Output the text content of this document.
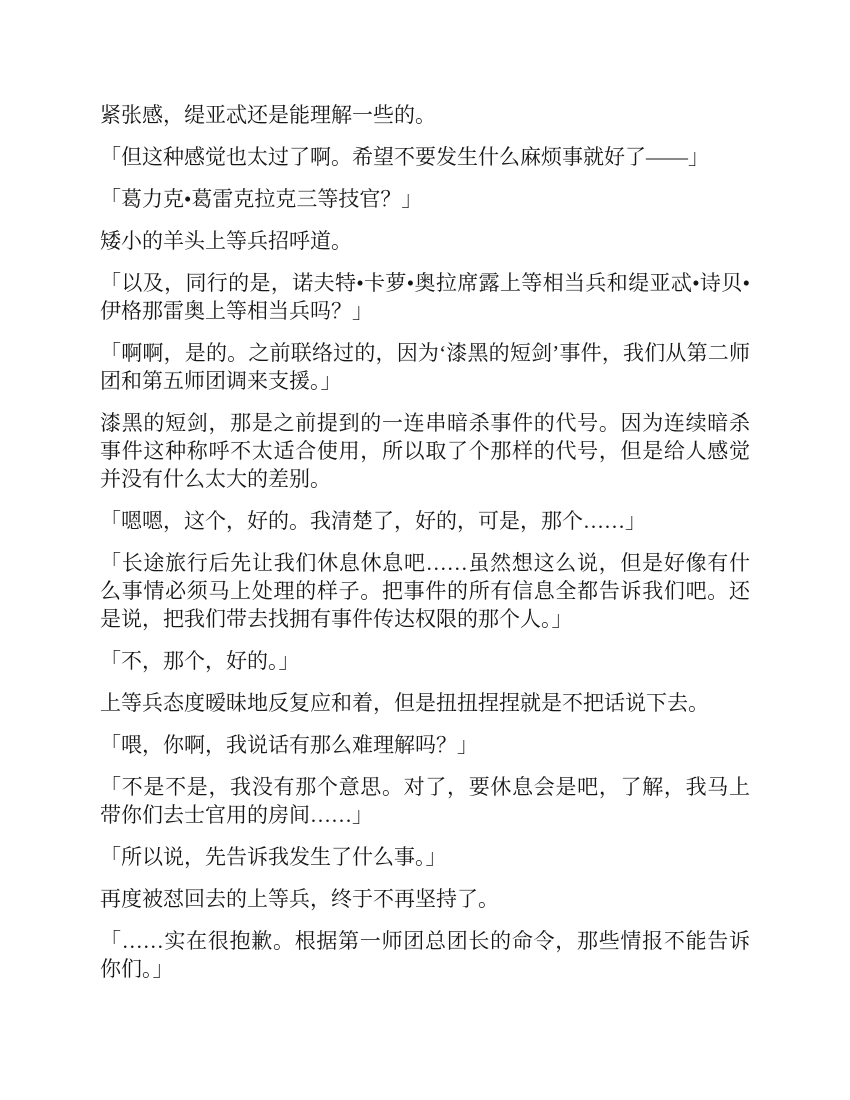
紧张感，缇亚忒还是能理解一些的。

「但这种感觉也太过了啊。希望不要发生什么麻烦事就好了——」

「葛力克•葛雷克拉克三等技官？」

矮小的羊头上等兵招呼道。

「以及，同行的是，诺夫特•卡萝•奥拉席露上等相当兵和缇亚忒•诗贝•伊格那雷奥上等相当兵吗？」

「啊啊，是的。之前联络过的，因为‘漆黑的短剑’事件，我们从第二师团和第五师团调来支援。」

漆黑的短剑，那是之前提到的一连串暗杀事件的代号。因为连续暗杀事件这种称呼不太适合使用，所以取了个那样的代号，但是给人感觉并没有什么太大的差别。

「嗯嗯，这个，好的。我清楚了，好的，可是，那个……」

「长途旅行后先让我们休息休息吧……虽然想这么说，但是好像有什么事情必须马上处理的样子。把事件的所有信息全都告诉我们吧。还是说，把我们带去找拥有事件传达权限的那个人。」

「不，那个，好的。」

上等兵态度暧昧地反复应和着，但是扭扭捏捏就是不把话说下去。

「喂，你啊，我说话有那么难理解吗？」

「不是不是，我没有那个意思。对了，要休息会是吧，了解，我马上带你们去士官用的房间……」

「所以说，先告诉我发生了什么事。」

再度被怼回去的上等兵，终于不再坚持了。

「……实在很抱歉。根据第一师团总团长的命令，那些情报不能告诉你们。」
